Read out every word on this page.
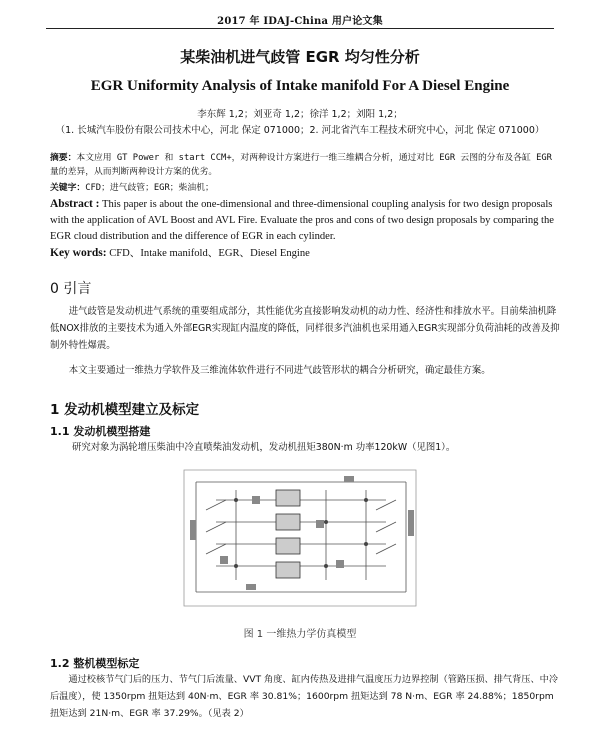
2017 年 IDAJ-China 用户论文集
某柴油机进气歧管 EGR 均匀性分析
EGR Uniformity Analysis of Intake manifold For A Diesel Engine
李东辉 1,2；刘亚奇 1,2；徐洋 1,2；刘阳 1,2；
（1. 长城汽车股份有限公司技术中心，河北 保定 071000；2. 河北省汽车工程技术研究中心，河北 保定 071000）
摘要：本文应用 GT Power 和 start CCM+，对两种设计方案进行一维三维耦合分析，通过对比 EGR 云图的分布及各缸 EGR 量的差异，从而判断两种设计方案的优劣。
关键字：CFD；进气歧管；EGR；柴油机；
Abstract : This paper is about the one-dimensional and three-dimensional coupling analysis for two design proposals with the application of AVL Boost and AVL Fire. Evaluate the pros and cons of two design proposals by comparing the EGR cloud distribution and the difference of EGR in each cylinder.
Key words: CFD、Intake manifold、EGR、Diesel Engine
0 引言
进气歧管是发动机进气系统的重要组成部分，其性能优劣直接影响发动机的动力性、经济性和排放水平。目前柴油机降低NOX排放的主要技术为通入外部EGR实现缸内温度的降低，同样很多汽油机也采用通入EGR实现部分负荷油耗的改善及抑制外特性爆震。
本文主要通过一维热力学软件及三维流体软件进行不同进气歧管形状的耦合分析研究，确定最佳方案。
1 发动机模型建立及标定
1.1 发动机模型搭建
研究对象为涡轮增压柴油中冷直喷柴油发动机，发动机扭矩380N·m 功率120kW（见图1）。
图 1 一维热力学仿真模型
1.2 整机模型标定
通过校核节气门后的压力、节气门后流量、VVT 角度、缸内传热及进排气温度压力边界控制（管路压损、排气背压、中冷后温度），使 1350rpm 扭矩达到 40N·m、EGR 率 30.81%；1600rpm 扭矩达到 78 N·m、EGR 率 24.88%；1850rpm 扭矩达到 21N·m、EGR 率 37.29%。（见表 2）
